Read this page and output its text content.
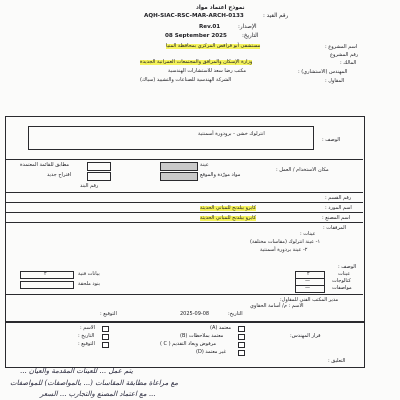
نموذج اعتماد مواد
رقم القيد :
AQH-SIAC-RSC-MAR-ARCH-0133
الإصدار:
Rev.01
التاريخ:
08 September 2025
اسم المشروع :
مستشفى أبو قراقص المركزي بمحافظة المنيا
رقم المشروع
المالك :
وزارة الإسكان والمرافق والمجتمعات العمرانية الجديدة
المهندس (الاستشاري) :
مكتب رضا سعد للاستشارات الهندسية
المقاول :
الشركة الهندسية للصناعات والتشييد (سياك)
الوصف :
انترلوك خشن - برودورة أسمنتية
مكان الاستخدام / العمل :
عينة
مطابق للقائمة المعتمدة
مواد مورّدة والموقع
اقتراح جديد
رقم البند
رقم القسم :
اسم المورد :
كايرو بيلدنج للمباني الحديثة
اسم المصنع :
كايرو بيلدنج للمباني الحديثة
المرفقات :
عينات :
١- عينة انترلوك (مقاسات مختلفة)
٢- عينة بردورة أسمنتية
الوصف :
عينات
كتالوجات
مواصفات
٢
—
—
بيانات فنية
٢
بنود ملحقة
مدير المكتب الفني للمقاول:
الاسم : م/ أسامة الحقاوي
التاريخ:
2025-09-08
التوقيع :
قرار المهندس:
معتمد (A)
معتمد بملاحظات (B)
مرفوض ويعاد التقديم ( C )
غير معتمد (D)
الاسم :
التاريخ :
التوقيع :
التعليق :
يتم عمل ... للعينات المقدمة والعيان ...
مع مراعاة مطابقة المقاسات (... بالمواصفات) للمواصفات
... مع اعتماد المصنع والتجارب ... السعر
